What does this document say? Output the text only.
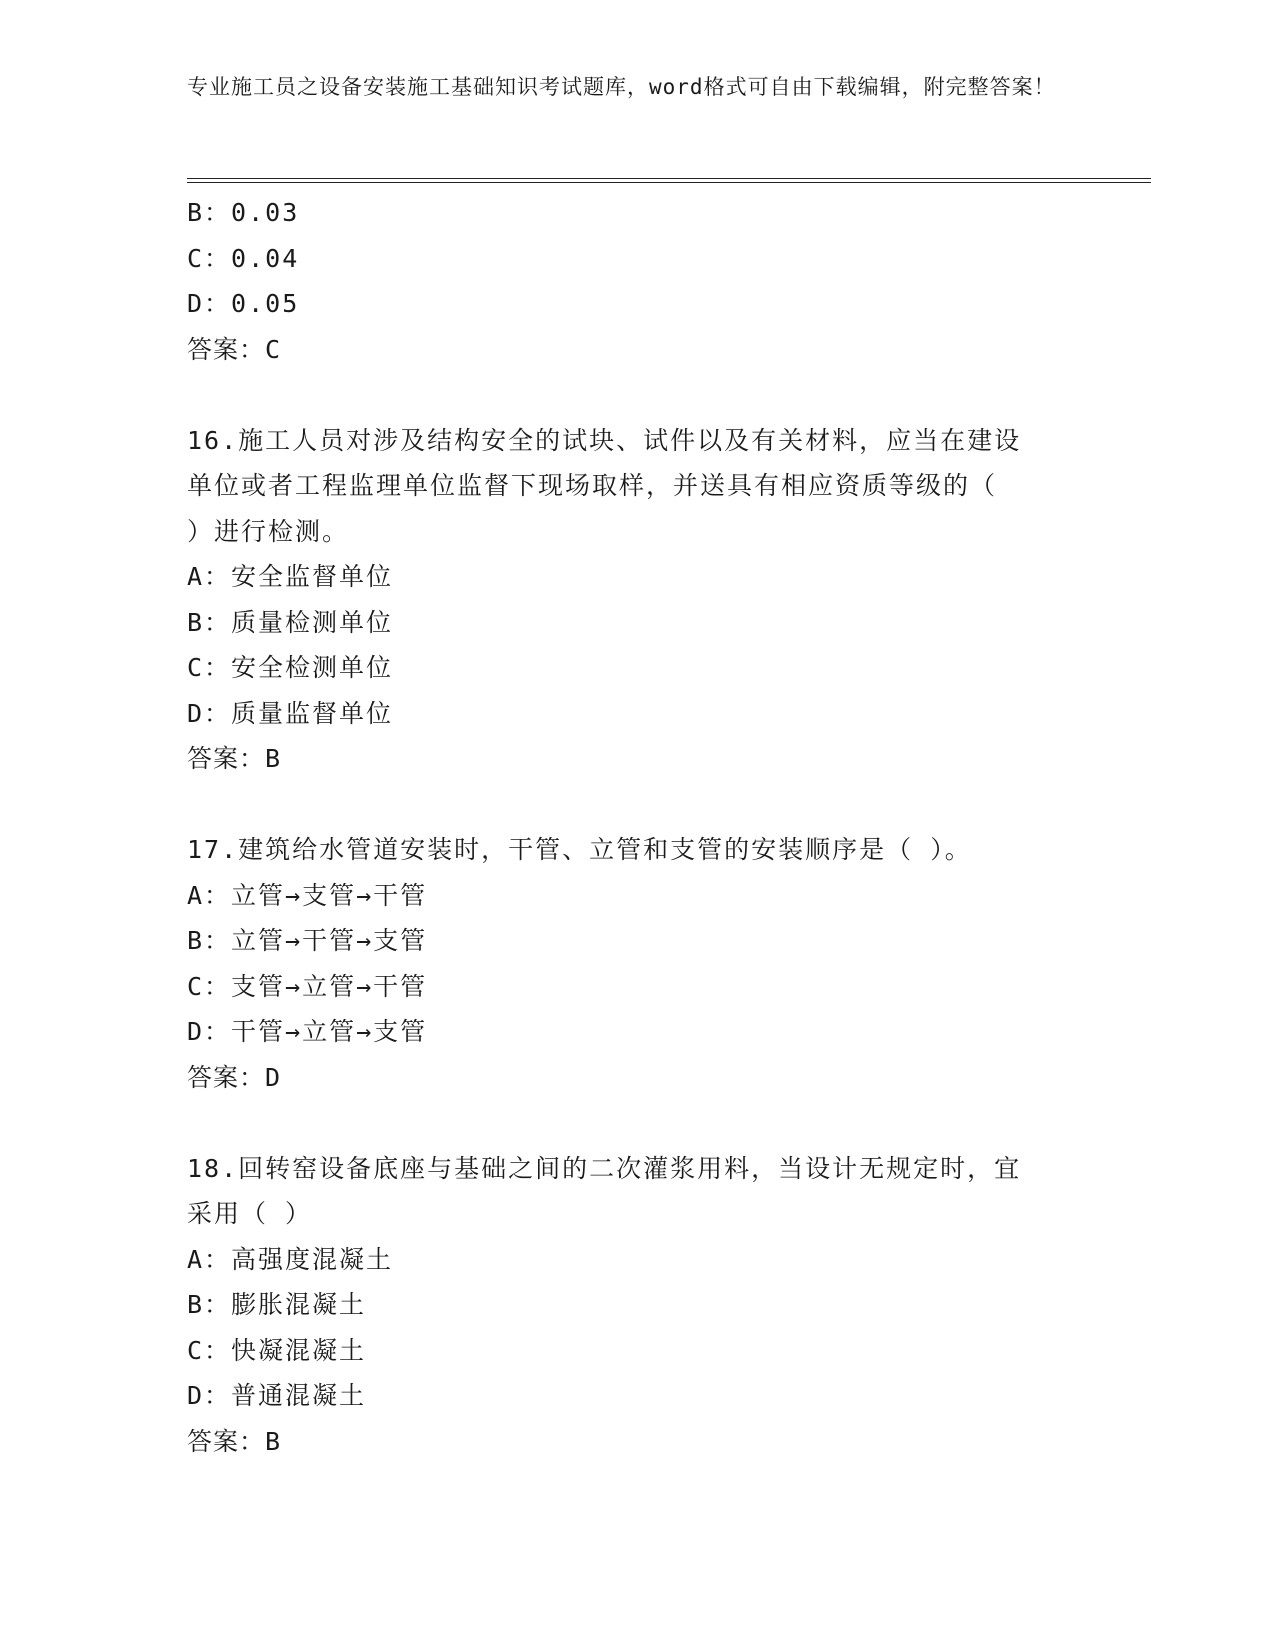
专业施工员之设备安装施工基础知识考试题库，word格式可自由下载编辑，附完整答案！
B：0.03
C：0.04
D：0.05
答案：C
16.施工人员对涉及结构安全的试块、试件以及有关材料，应当在建设
单位或者工程监理单位监督下现场取样，并送具有相应资质等级的（
）进行检测。
A：安全监督单位
B：质量检测单位
C：安全检测单位
D：质量监督单位
答案：B
17.建筑给水管道安装时，干管、立管和支管的安装顺序是（ ）。
A：立管→支管→干管
B：立管→干管→支管
C：支管→立管→干管
D：干管→立管→支管
答案：D
18.回转窑设备底座与基础之间的二次灌浆用料，当设计无规定时，宜
采用（ ）
A：高强度混凝土
B：膨胀混凝土
C：快凝混凝土
D：普通混凝土
答案：B
